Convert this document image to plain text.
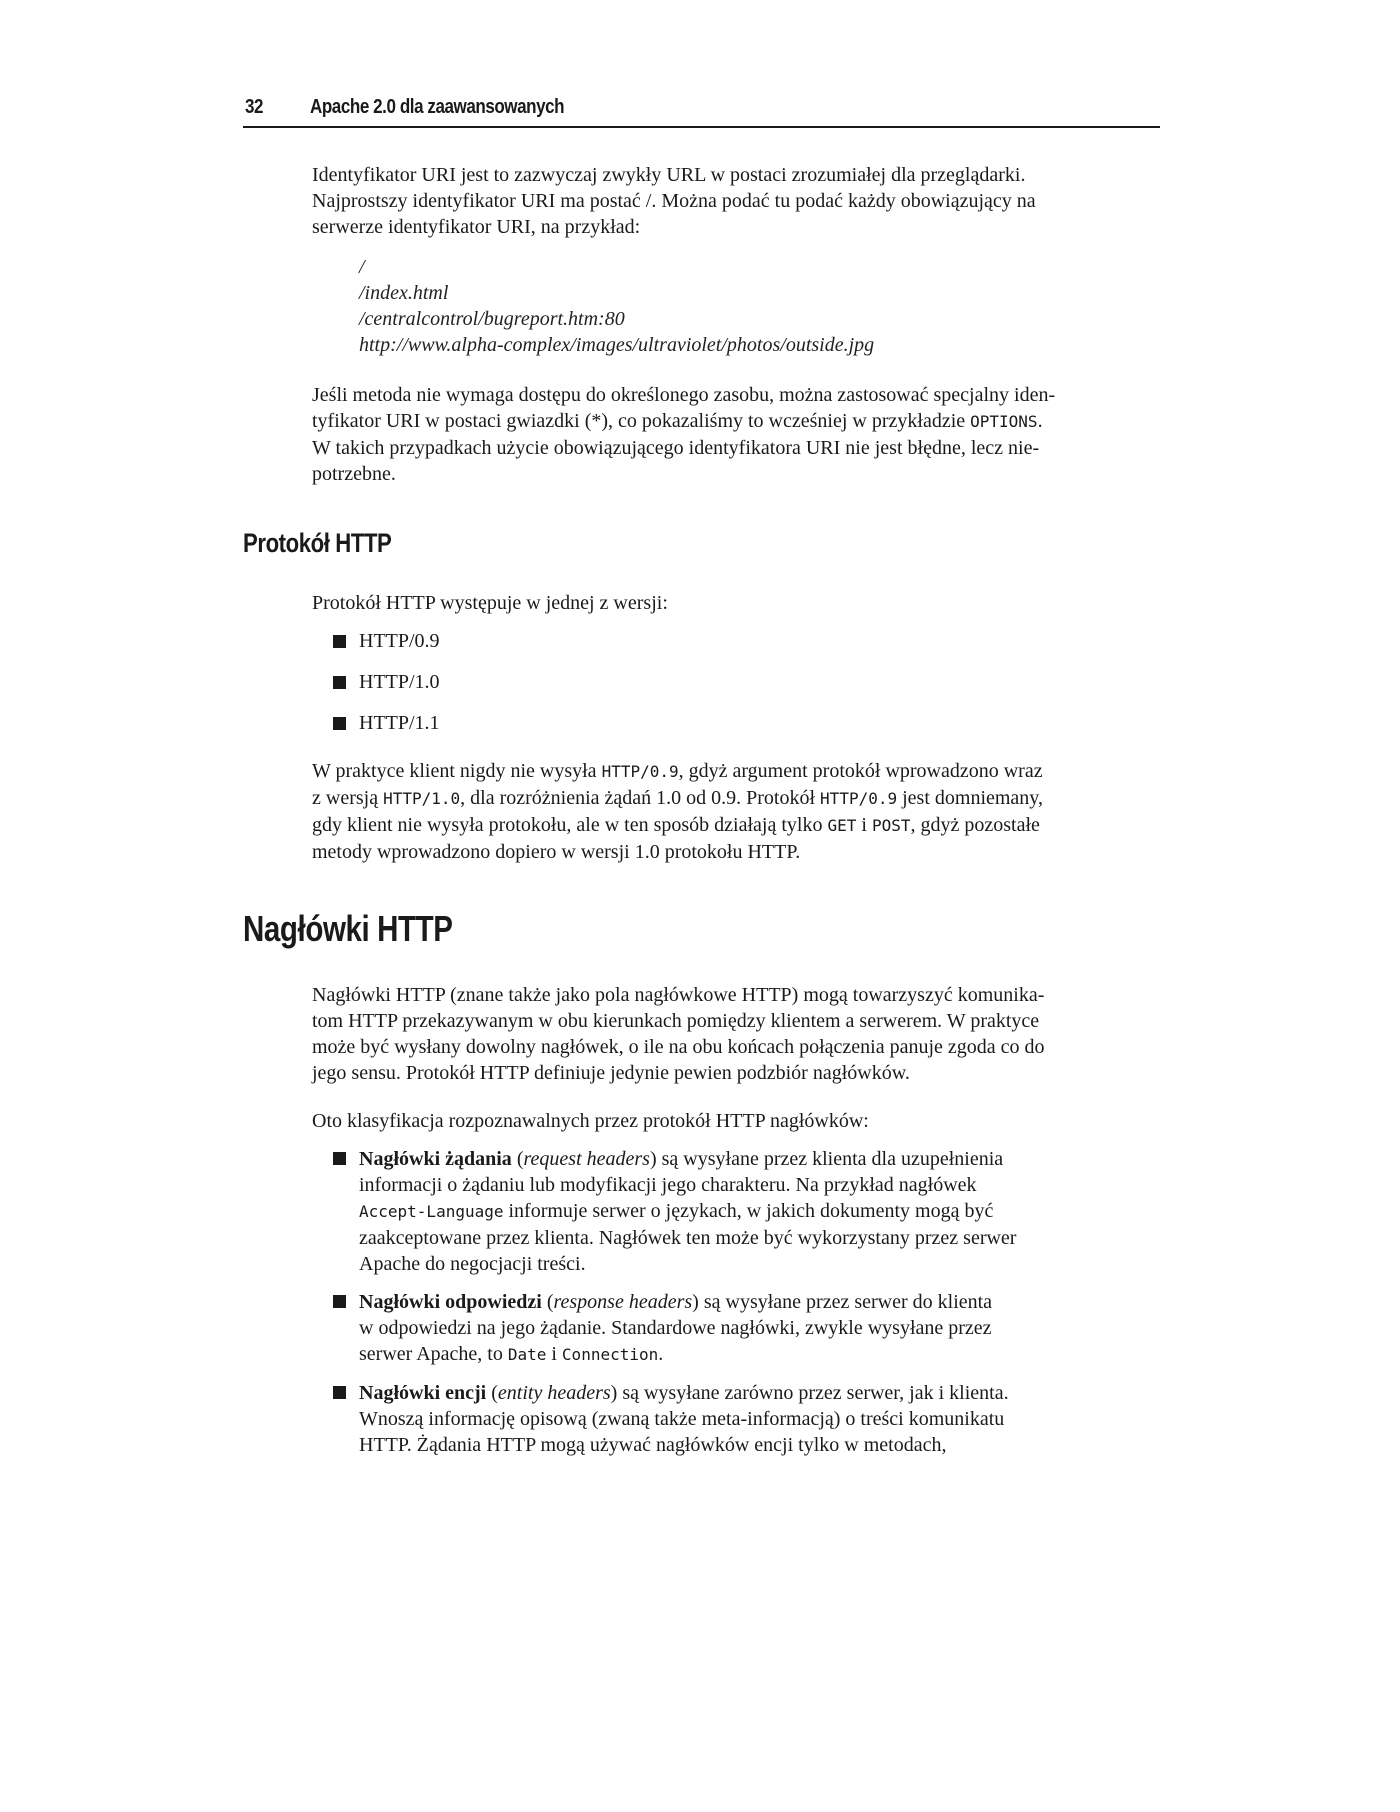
32 Apache 2.0 dla zaawansowanych

Identyfikator URI jest to zazwyczaj zwykły URL w postaci zrozumiałej dla przeglądarki.

Najprostszy identyfikator URI ma postać /. Można podać tu podać każdy obowiązujący na

serwerze identyfikator URI, na przykład:

/
/index.html
/centralcontrol/bugreport.htm:80
http://www.alpha-complex/images/ultraviolet/photos/outside.jpg

Jeśli metoda nie wymaga dostępu do określonego zasobu, można zastosować specjalny iden-

tyfikator URI w postaci gwiazdki (*), co pokazaliśmy to wcześniej w przykładzie OPTIONS.

W takich przypadkach użycie obowiązującego identyfikatora URI nie jest błędne, lecz nie-

potrzebne.

Protokół HTTP

Protokół HTTP występuje w jednej z wersji:

HTTP/0.9
HTTP/1.0
HTTP/1.1

W praktyce klient nigdy nie wysyła HTTP/0.9, gdyż argument protokół wprowadzono wraz

z wersją HTTP/1.0, dla rozróżnienia żądań 1.0 od 0.9. Protokół HTTP/0.9 jest domniemany,

gdy klient nie wysyła protokołu, ale w ten sposób działają tylko GET i POST, gdyż pozostałe

metody wprowadzono dopiero w wersji 1.0 protokołu HTTP.

Nagłówki HTTP

Nagłówki HTTP (znane także jako pola nagłówkowe HTTP) mogą towarzyszyć komunika-

tom HTTP przekazywanym w obu kierunkach pomiędzy klientem a serwerem. W praktyce

może być wysłany dowolny nagłówek, o ile na obu końcach połączenia panuje zgoda co do

jego sensu. Protokół HTTP definiuje jedynie pewien podzbiór nagłówków.

Oto klasyfikacja rozpoznawalnych przez protokół HTTP nagłówków:

Nagłówki żądania (request headers) są wysyłane przez klienta dla uzupełnienia
informacji o żądaniu lub modyfikacji jego charakteru. Na przykład nagłówek
Accept-Language informuje serwer o językach, w jakich dokumenty mogą być
zaakceptowane przez klienta. Nagłówek ten może być wykorzystany przez serwer
Apache do negocjacji treści.
Nagłówki odpowiedzi (response headers) są wysyłane przez serwer do klienta
w odpowiedzi na jego żądanie. Standardowe nagłówki, zwykle wysyłane przez
serwer Apache, to Date i Connection.
Nagłówki encji (entity headers) są wysyłane zarówno przez serwer, jak i klienta.
Wnoszą informację opisową (zwaną także meta-informacją) o treści komunikatu
HTTP. Żądania HTTP mogą używać nagłówków encji tylko w metodach,
